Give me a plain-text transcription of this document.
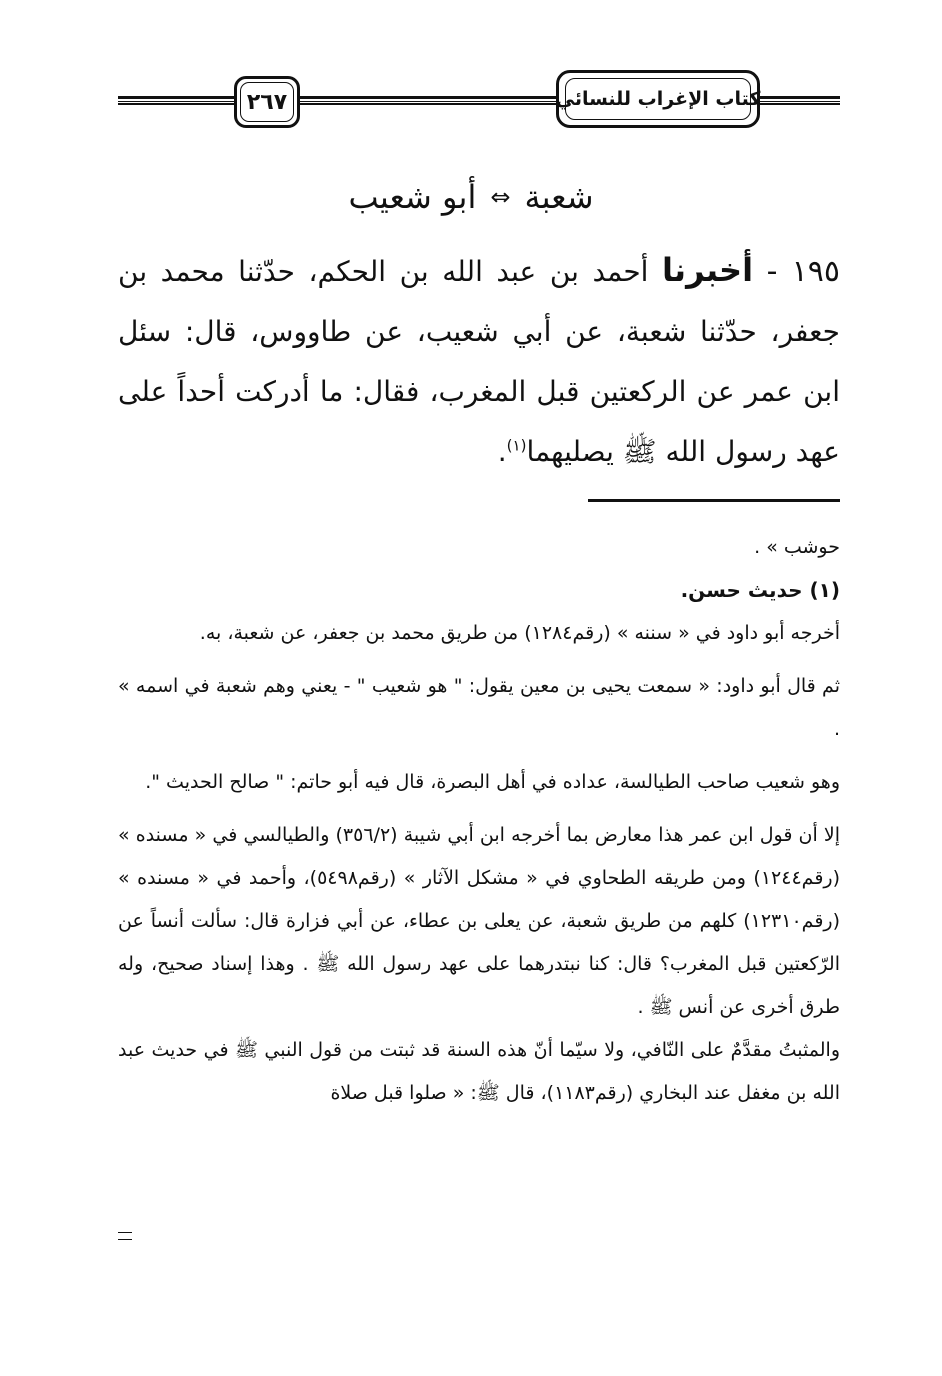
كتاب الإغراب للنسائي
٢٦٧
شعبة
⇔
أبو شعيب
١٩٥ - أخبرنا أحمد بن عبد الله بن الحكم، حدّثنا محمد بن جعفر، حدّثنا شعبة، عن أبي شعيب، عن طاووس، قال: سئل ابن عمر عن الركعتين قبل المغرب، فقال: ما أدركت أحداً على عهد رسول الله ﷺ يصليهما$^{(١)}$.

حوشب » .

(١) حديث حسن.

أخرجه أبو داود في « سننه » (رقم١٢٨٤) من طريق محمد بن جعفر، عن شعبة، به.

ثم قال أبو داود: « سمعت يحيى بن معين يقول: " هو شعيب " - يعني وهم شعبة في اسمه » .

وهو شعيب صاحب الطيالسة، عداده في أهل البصرة، قال فيه أبو حاتم: " صالح الحديث ".

إلا أن قول ابن عمر هذا معارض بما أخرجه ابن أبي شيبة (٣٥٦/٢) والطيالسي في « مسنده » (رقم١٢٤٤) ومن طريقه الطحاوي في « مشكل الآثار » (رقم٥٤٩٨)، وأحمد في « مسنده » (رقم١٢٣١٠) كلهم من طريق شعبة، عن يعلى بن عطاء، عن أبي فزارة قال: سألت أنساً عن الرّكعتين قبل المغرب؟ قال: كنا نبتدرهما على عهد رسول الله ﷺ . وهذا إسناد صحيح، وله طرق أخرى عن أنس ﷺ .

والمثبتُ مقدَّمٌ على النّافي، ولا سيّما أنّ هذه السنة قد ثبتت من قول النبي ﷺ في حديث عبد الله بن مغفل عند البخاري (رقم١١٨٣)، قال ﷺ: « صلوا قبل صلاة
